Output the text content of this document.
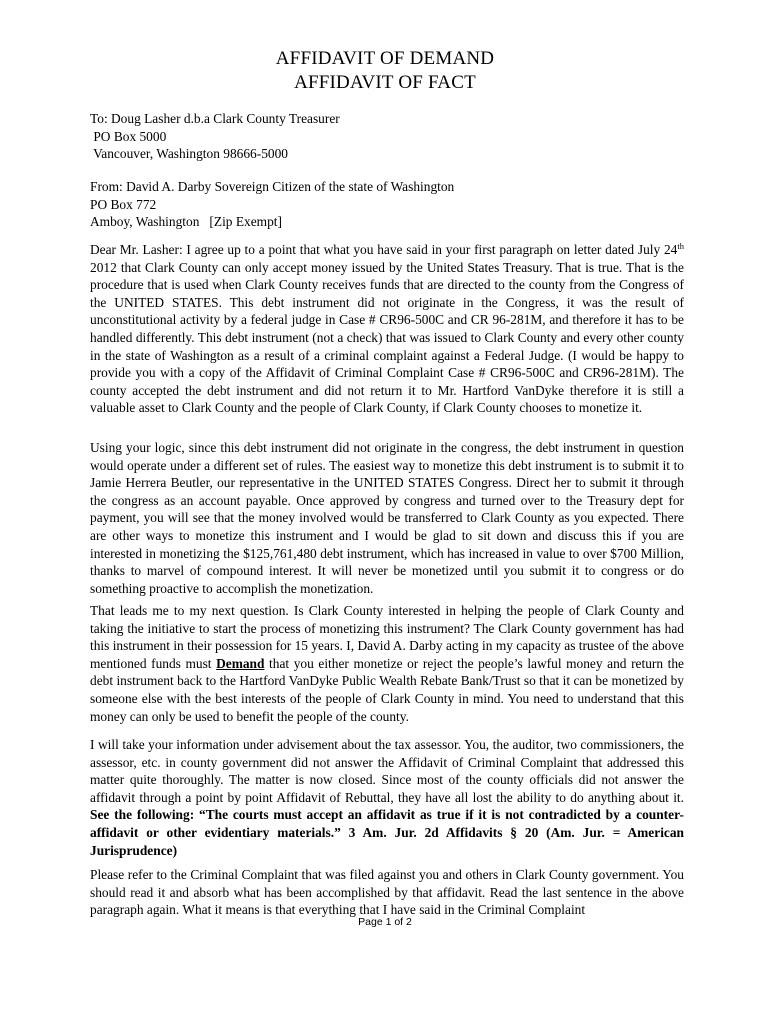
AFFIDAVIT OF DEMAND
AFFIDAVIT OF FACT
To: Doug Lasher d.b.a Clark County Treasurer
PO Box 5000
Vancouver, Washington 98666-5000
From: David A. Darby Sovereign Citizen of the state of Washington
PO Box 772
Amboy, Washington   [Zip Exempt]

Dear Mr. Lasher: I agree up to a point that what you have said in your first paragraph on letter dated July 24th 2012 that Clark County can only accept money issued by the United States Treasury. That is true. That is the procedure that is used when Clark County receives funds that are directed to the county from the Congress of the UNITED STATES. This debt instrument did not originate in the Congress, it was the result of unconstitutional activity by a federal judge in Case # CR96-500C and CR 96-281M, and therefore it has to be handled differently. This debt instrument (not a check) that was issued to Clark County and every other county in the state of Washington as a result of a criminal complaint against a Federal Judge. (I would be happy to provide you with a copy of the Affidavit of Criminal Complaint Case # CR96-500C and CR96-281M). The county accepted the debt instrument and did not return it to Mr. Hartford VanDyke therefore it is still a valuable asset to Clark County and the people of Clark County, if Clark County chooses to monetize it.

Using your logic, since this debt instrument did not originate in the congress, the debt instrument in question would operate under a different set of rules. The easiest way to monetize this debt instrument is to submit it to Jamie Herrera Beutler, our representative in the UNITED STATES Congress. Direct her to submit it through the congress as an account payable. Once approved by congress and turned over to the Treasury dept for payment, you will see that the money involved would be transferred to Clark County as you expected. There are other ways to monetize this instrument and I would be glad to sit down and discuss this if you are interested in monetizing the $125,761,480 debt instrument, which has increased in value to over $700 Million, thanks to marvel of compound interest. It will never be monetized until you submit it to congress or do something proactive to accomplish the monetization.

That leads me to my next question. Is Clark County interested in helping the people of Clark County and taking the initiative to start the process of monetizing this instrument? The Clark County government has had this instrument in their possession for 15 years. I, David A. Darby acting in my capacity as trustee of the above mentioned funds must Demand that you either monetize or reject the people’s lawful money and return the debt instrument back to the Hartford VanDyke Public Wealth Rebate Bank/Trust so that it can be monetized by someone else with the best interests of the people of Clark County in mind. You need to understand that this money can only be used to benefit the people of the county.

I will take your information under advisement about the tax assessor. You, the auditor, two commissioners, the assessor, etc. in county government did not answer the Affidavit of Criminal Complaint that addressed this matter quite thoroughly. The matter is now closed. Since most of the county officials did not answer the affidavit through a point by point Affidavit of Rebuttal, they have all lost the ability to do anything about it. See the following: “The courts must accept an affidavit as true if it is not contradicted by a counter-affidavit or other evidentiary materials.” 3 Am. Jur. 2d Affidavits § 20 (Am. Jur. = American Jurisprudence)

Please refer to the Criminal Complaint that was filed against you and others in Clark County government. You should read it and absorb what has been accomplished by that affidavit. Read the last sentence in the above paragraph again. What it means is that everything that I have said in the Criminal Complaint

Page 1 of 2
